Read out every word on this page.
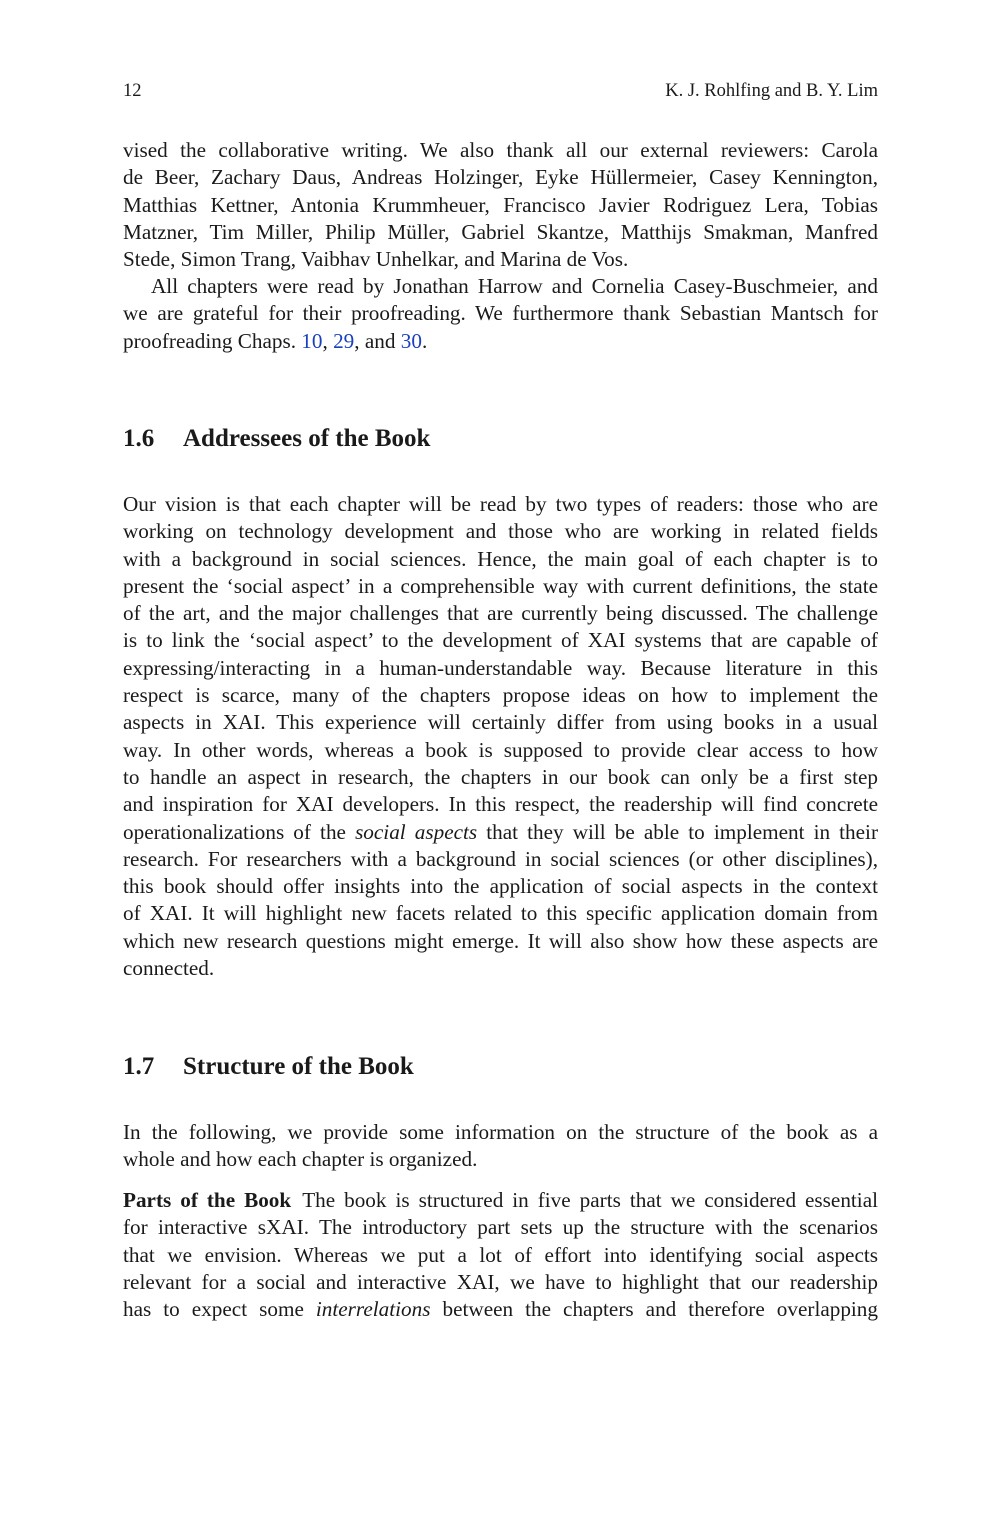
12	K. J. Rohlfing and B. Y. Lim
vised the collaborative writing. We also thank all our external reviewers: Carola
de Beer, Zachary Daus, Andreas Holzinger, Eyke Hüllermeier, Casey Kennington,
Matthias Kettner, Antonia Krummheuer, Francisco Javier Rodriguez Lera, Tobias
Matzner, Tim Miller, Philip Müller, Gabriel Skantze, Matthijs Smakman, Manfred
Stede, Simon Trang, Vaibhav Unhelkar, and Marina de Vos.
All chapters were read by Jonathan Harrow and Cornelia Casey-Buschmeier, and
we are grateful for their proofreading. We furthermore thank Sebastian Mantsch for
proofreading Chaps. 10, 29, and 30.
1.6 Addressees of the Book
Our vision is that each chapter will be read by two types of readers: those who are
working on technology development and those who are working in related fields
with a background in social sciences. Hence, the main goal of each chapter is to
present the ‘social aspect’ in a comprehensible way with current definitions, the state
of the art, and the major challenges that are currently being discussed. The challenge
is to link the ‘social aspect’ to the development of XAI systems that are capable of
expressing/interacting in a human-understandable way. Because literature in this
respect is scarce, many of the chapters propose ideas on how to implement the
aspects in XAI. This experience will certainly differ from using books in a usual
way. In other words, whereas a book is supposed to provide clear access to how
to handle an aspect in research, the chapters in our book can only be a first step
and inspiration for XAI developers. In this respect, the readership will find concrete
operationalizations of the social aspects that they will be able to implement in their
research. For researchers with a background in social sciences (or other disciplines),
this book should offer insights into the application of social aspects in the context
of XAI. It will highlight new facets related to this specific application domain from
which new research questions might emerge. It will also show how these aspects are
connected.
1.7 Structure of the Book
In the following, we provide some information on the structure of the book as a
whole and how each chapter is organized.
Parts of the Book The book is structured in five parts that we considered essential
for interactive sXAI. The introductory part sets up the structure with the scenarios
that we envision. Whereas we put a lot of effort into identifying social aspects
relevant for a social and interactive XAI, we have to highlight that our readership
has to expect some interrelations between the chapters and therefore overlapping
